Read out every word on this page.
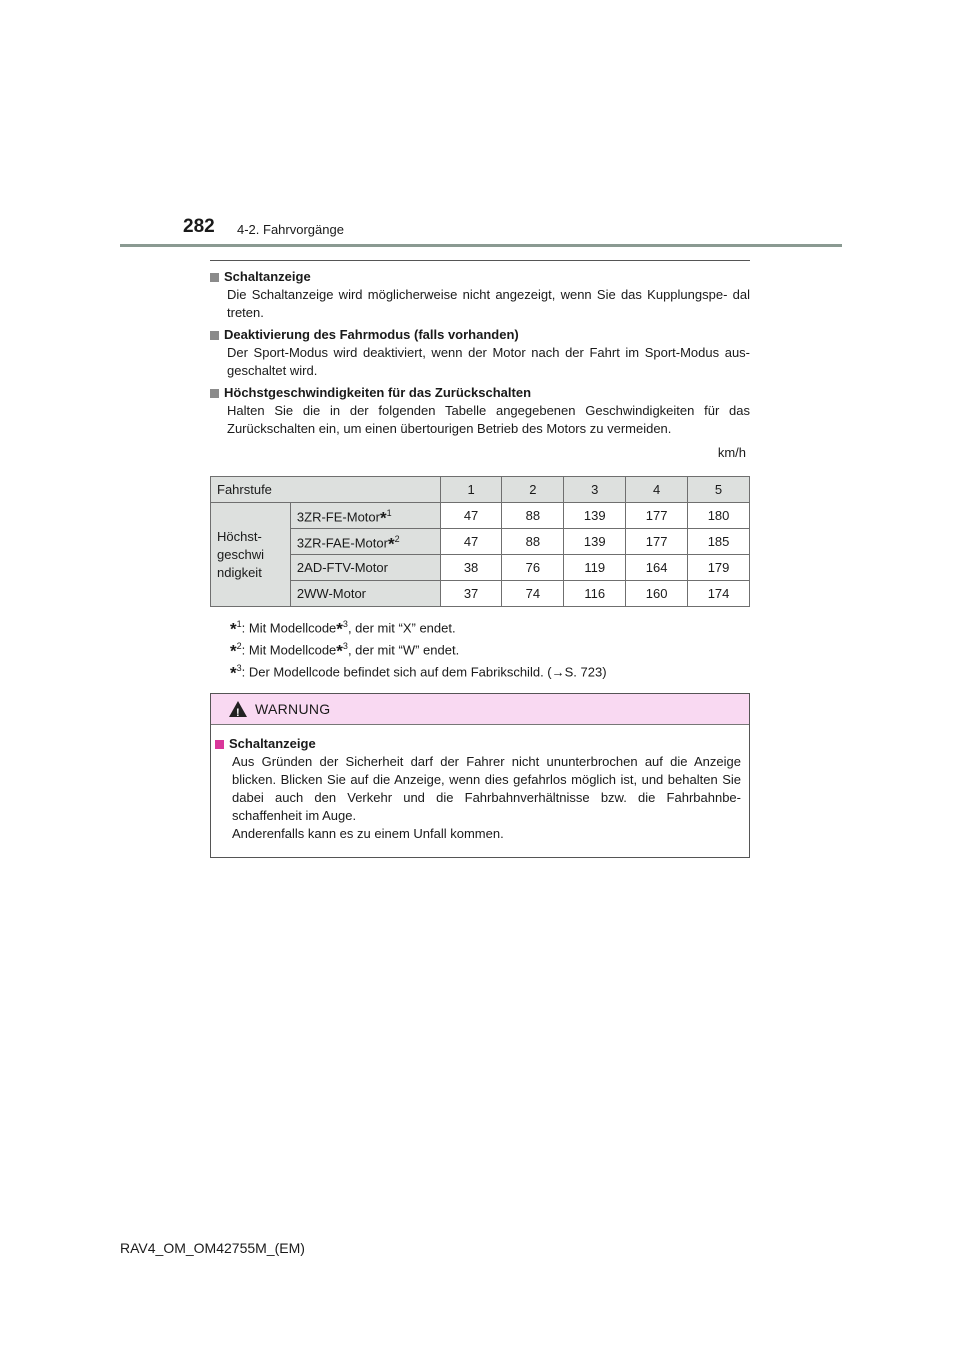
282 4-2. Fahrvorgänge
Schaltanzeige
Die Schaltanzeige wird möglicherweise nicht angezeigt, wenn Sie das Kupplungspe- dal treten.
Deaktivierung des Fahrmodus (falls vorhanden)
Der Sport-Modus wird deaktiviert, wenn der Motor nach der Fahrt im Sport-Modus aus- geschaltet wird.
Höchstgeschwindigkeiten für das Zurückschalten
Halten Sie die in der folgenden Tabelle angegebenen Geschwindigkeiten für das Zurückschalten ein, um einen übertourigen Betrieb des Motors zu vermeiden.
km/h
Fahrstufe		1	2	3	4	5
Höchst- geschwi ndigkeit	3ZR-FE-Motor*$^1$	47	88	139	177	180
	3ZR-FAE-Motor*$^2$	47	88	139	177	185
	2AD-FTV-Motor	38	76	119	164	179
	2WW-Motor	37	74	116	160	174
*$^1$: Mit Modellcode*$^3$, der mit “X” endet.
*$^2$: Mit Modellcode*$^3$, der mit “W” endet.
*$^3$: Der Modellcode befindet sich auf dem Fabrikschild. (→S. 723)
! WARNUNG
Schaltanzeige
Aus Gründen der Sicherheit darf der Fahrer nicht ununterbrochen auf die Anzeige blicken. Blicken Sie auf die Anzeige, wenn dies gefahrlos möglich ist, und behalten Sie dabei auch den Verkehr und die Fahrbahnverhältnisse bzw. die Fahrbahnbe- schaffenheit im Auge.
Anderenfalls kann es zu einem Unfall kommen.
RAV4_OM_OM42755M_(EM)
